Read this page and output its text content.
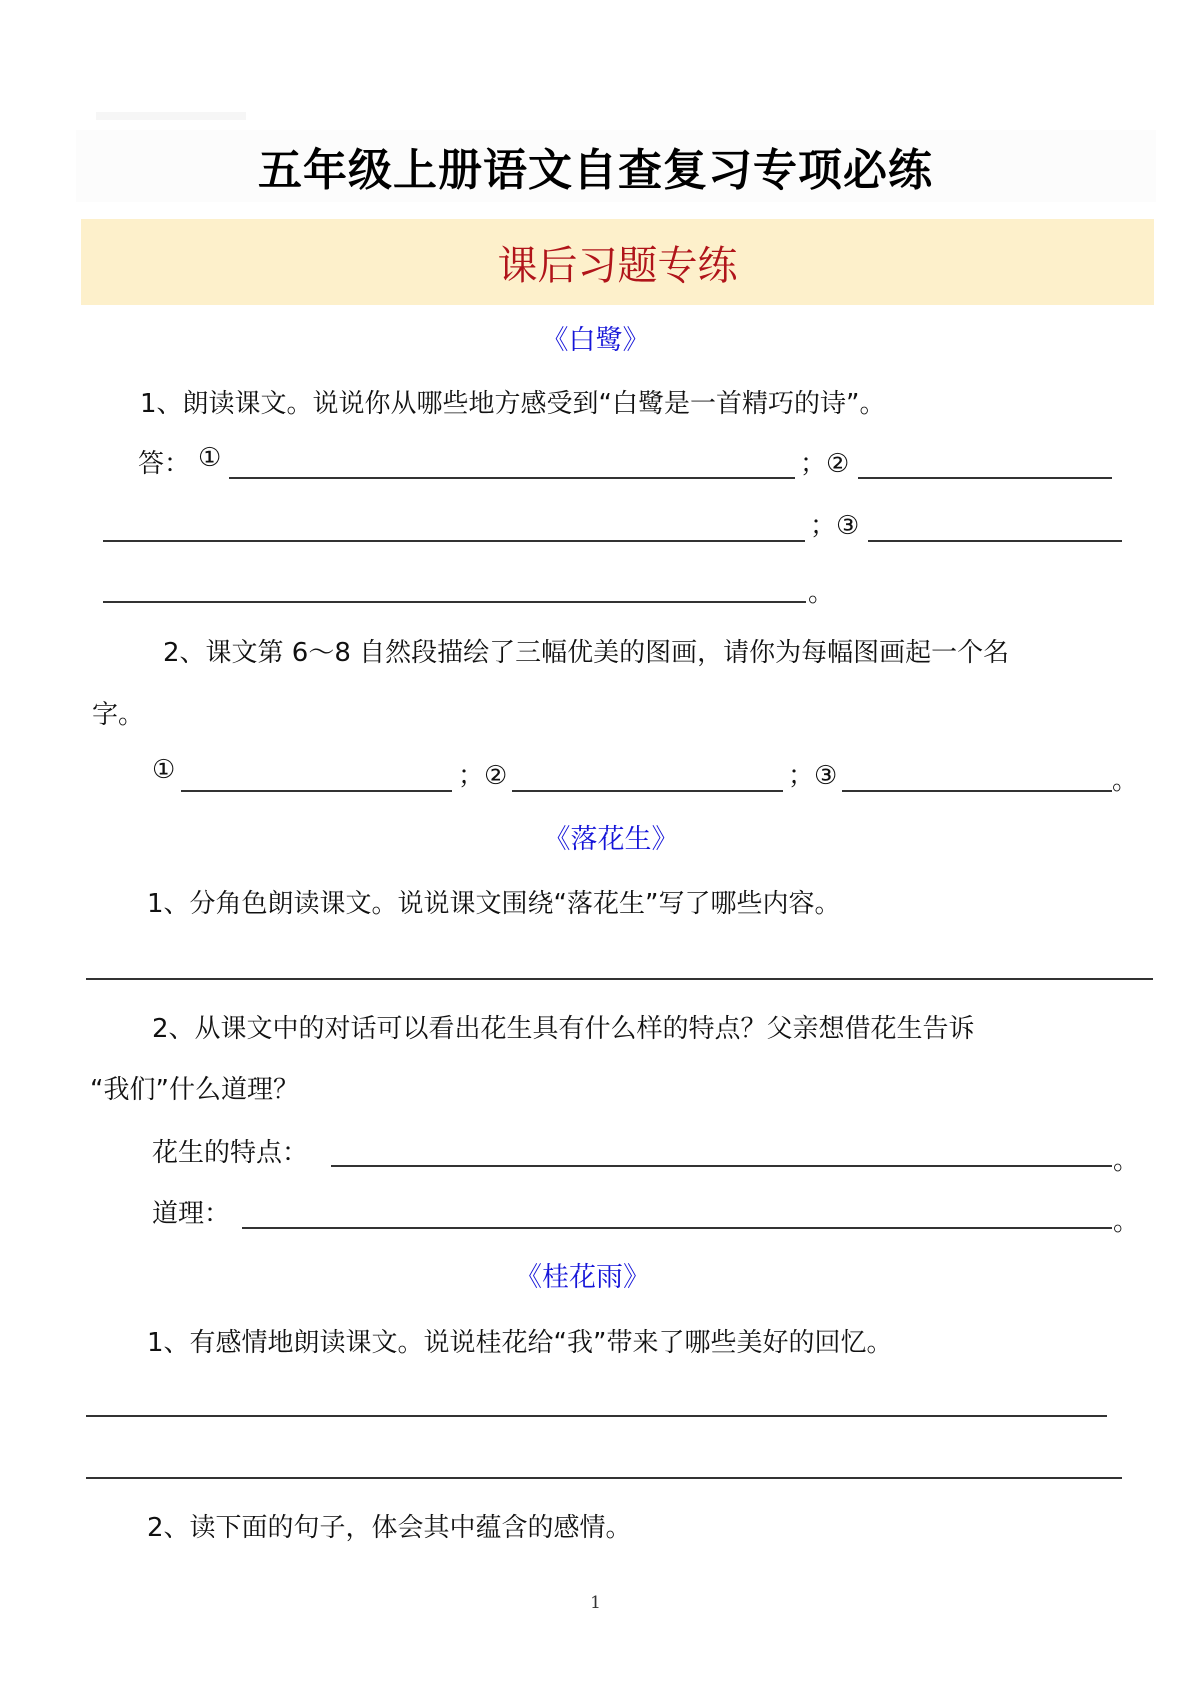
五年级上册语文自查复习专项必练
课后习题专练
《白鹭》
1、朗读课文。说说你从哪些地方感受到“白鹭是一首精巧的诗”。
答： ①	；②
；③
。
2、课文第 6～8 自然段描绘了三幅优美的图画，请你为每幅图画起一个名
字。
①	；②	；③	。
《落花生》
1、分角色朗读课文。说说课文围绕“落花生”写了哪些内容。
2、从课文中的对话可以看出花生具有什么样的特点？父亲想借花生告诉
“我们”什么道理？
花生的特点：	。
道理：	。
《桂花雨》
1、有感情地朗读课文。说说桂花给“我”带来了哪些美好的回忆。
2、读下面的句子，体会其中蕴含的感情。
1
